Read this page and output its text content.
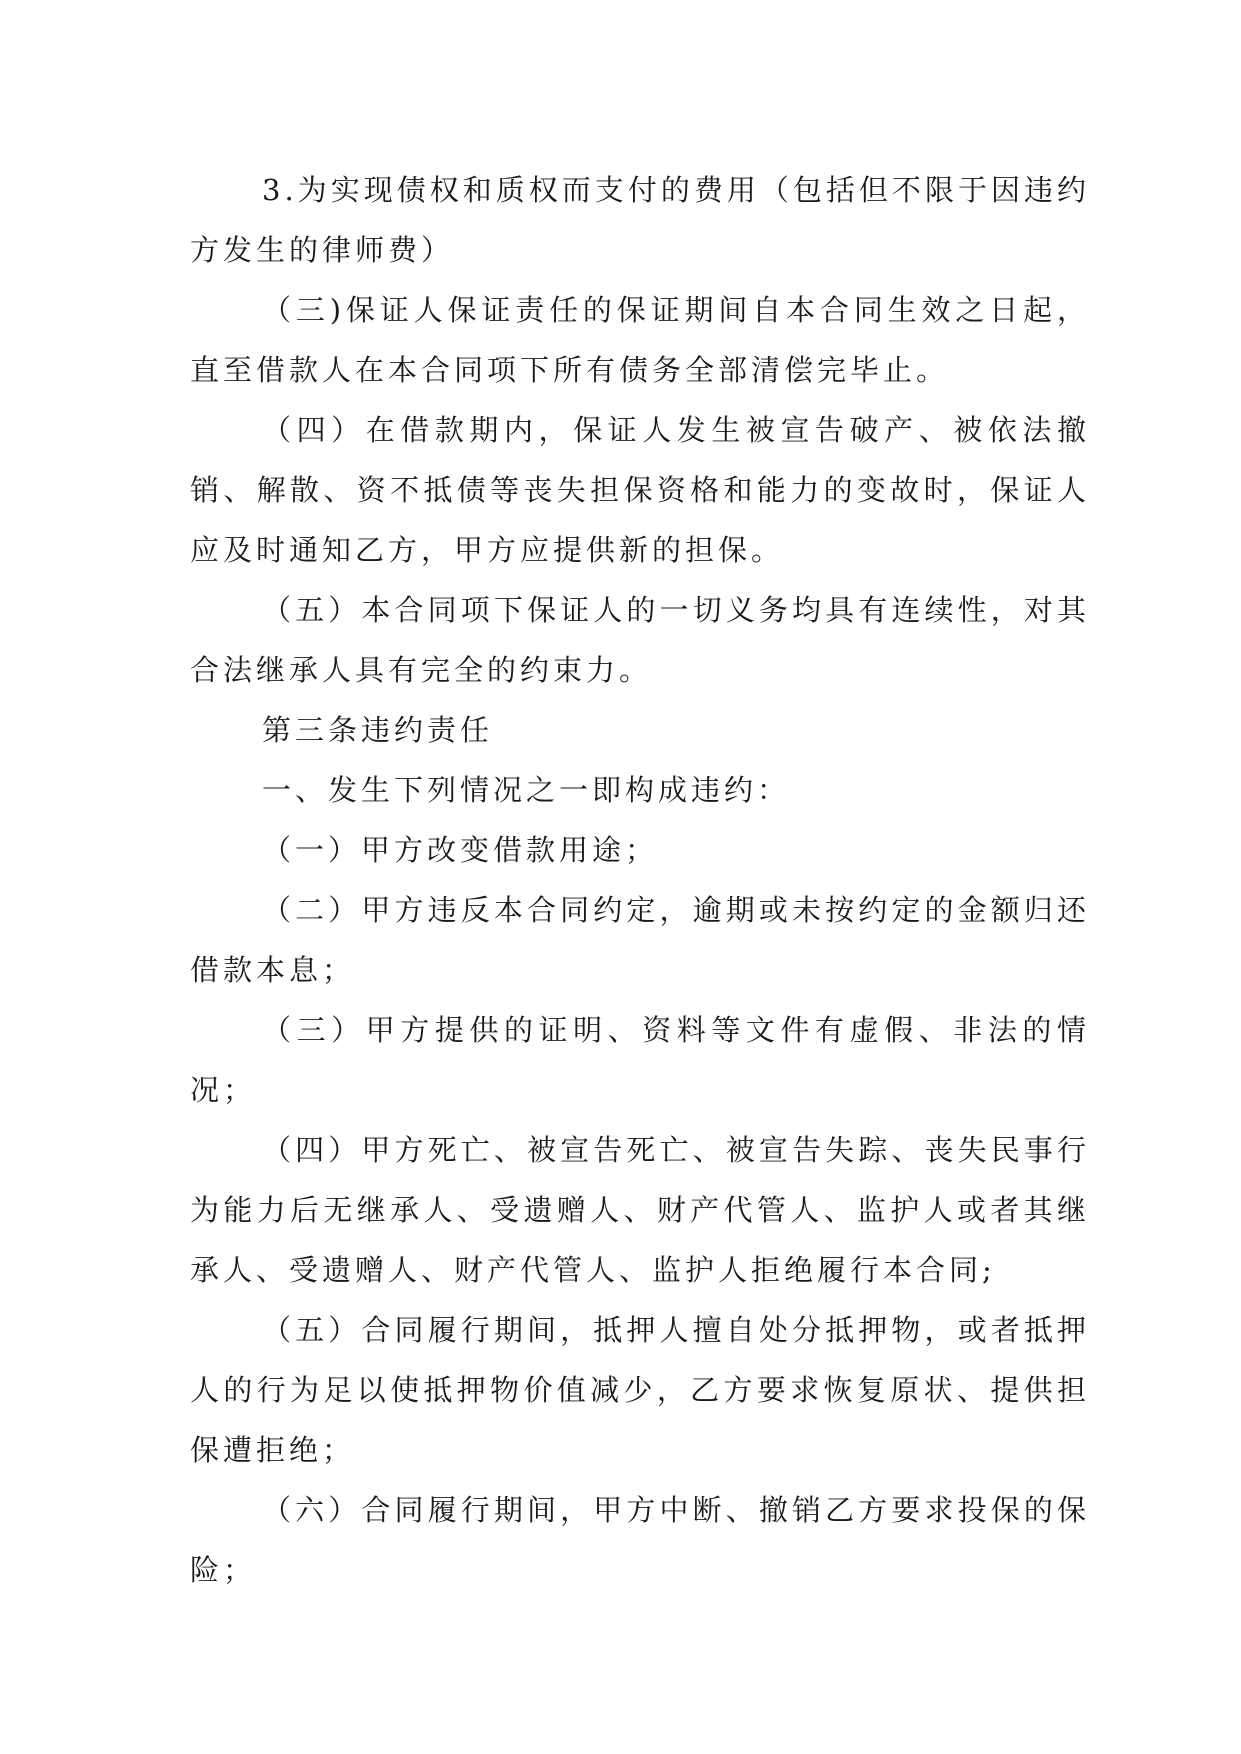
3.为实现债权和质权而支付的费用（包括但不限于因违约方发生的律师费）

（三)保证人保证责任的保证期间自本合同生效之日起，直至借款人在本合同项下所有债务全部清偿完毕止。

（四）在借款期内，保证人发生被宣告破产、被依法撤销、解散、资不抵债等丧失担保资格和能力的变故时，保证人应及时通知乙方，甲方应提供新的担保。

（五）本合同项下保证人的一切义务均具有连续性，对其合法继承人具有完全的约束力。

第三条违约责任

一、发生下列情况之一即构成违约：

（一）甲方改变借款用途；

（二）甲方违反本合同约定，逾期或未按约定的金额归还借款本息；

（三）甲方提供的证明、资料等文件有虚假、非法的情况；

（四）甲方死亡、被宣告死亡、被宣告失踪、丧失民事行为能力后无继承人、受遗赠人、财产代管人、监护人或者其继承人、受遗赠人、财产代管人、监护人拒绝履行本合同;

（五）合同履行期间，抵押人擅自处分抵押物，或者抵押人的行为足以使抵押物价值减少，乙方要求恢复原状、提供担保遭拒绝；

（六）合同履行期间，甲方中断、撤销乙方要求投保的保险；
